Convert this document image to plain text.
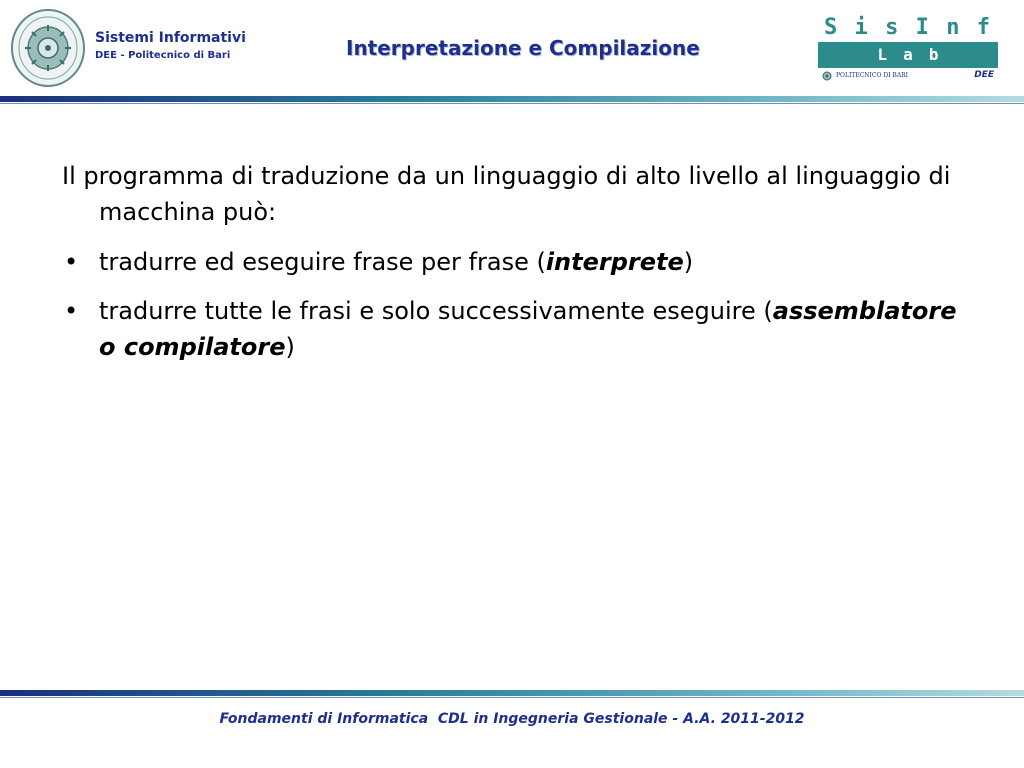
Sistemi Informativi
DEE - Politecnico di Bari	Interpretazione e Compilazione
S i s I n f
Lab
POLITECNICO DI BARI	DEE
Il programma di traduzione da un linguaggio di alto livello al linguaggio di macchina può:
• tradurre ed eseguire frase per frase (interprete)
• tradurre tutte le frasi e solo successivamente eseguire (assemblatore o compilatore)
Fondamenti di Informatica  CDL in Ingegneria Gestionale - A.A. 2011-2012
